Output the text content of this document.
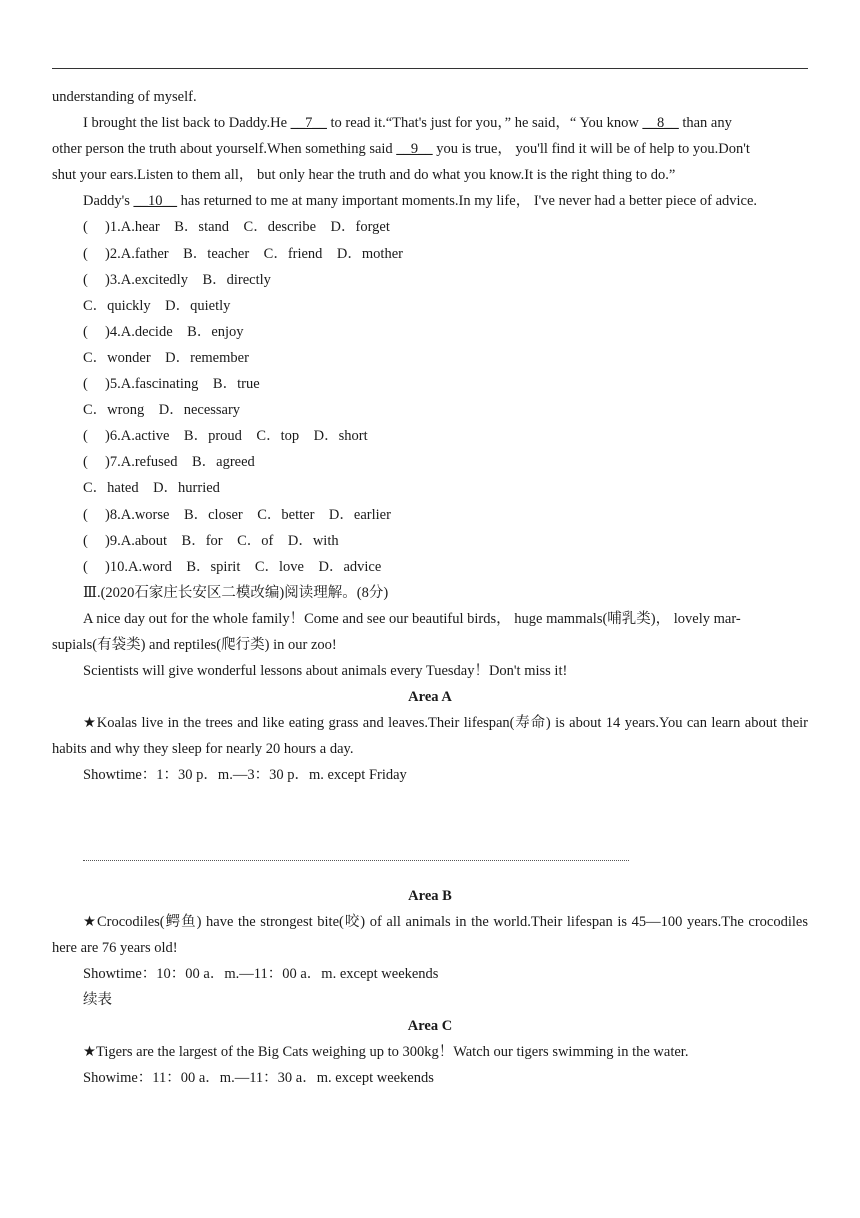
understanding of myself.

I brought the list back to Daddy.He __7__ to read it.“That's just for you，” he said，“ You know __8__ than any

other person the truth about yourself.When something said __9__ you is true， you'll find it will be of help to you.Don't

shut your ears.Listen to them all， but only hear the truth and do what you know.It is the right thing to do.”

Daddy's __10__ has returned to me at many important moments.In my life， I've never had a better piece of advice.

( )1.A.hear　B．stand　C．describe　D．forget

( )2.A.father　B．teacher　C．friend　D．mother

( )3.A.excitedly　B．directly

C．quickly　D．quietly

( )4.A.decide　B．enjoy

C．wonder　D．remember

( )5.A.fascinating　B．true

C．wrong　D．necessary

( )6.A.active　B．proud　C．top　D．short

( )7.A.refused　B．agreed

C．hated　D．hurried

( )8.A.worse　B．closer　C．better　D．earlier

( )9.A.about　B．for　C．of　D．with

( )10.A.word　B．spirit　C．love　D．advice

Ⅲ.(2020石家庄长安区二模改编)阅读理解。(8分)

A nice day out for the whole family！Come and see our beautiful birds， huge mammals(哺乳类)， lovely mar-

supials(有袋类) and reptiles(爬行类) in our zoo!

Scientists will give wonderful lessons about animals every Tuesday！Don't miss it!

Area A

★Koalas live in the trees and like eating grass and leaves.Their lifespan(寿命) is about 14 years.You can learn about their habits and why they sleep for nearly 20 hours a day.

Showtime：1：30 p．m.—3：30 p．m. except Friday

Area B

★Crocodiles(鳄鱼) have the strongest bite(咬) of all animals in the world.Their lifespan is 45—100 years.The crocodiles here are 76 years old!

Showtime：10：00 a．m.—11：00 a．m. except weekends

续表

Area C

★Tigers are the largest of the Big Cats weighing up to 300kg！Watch our tigers swimming in the water.

Showime：11：00 a．m.—11：30 a．m. except weekends
